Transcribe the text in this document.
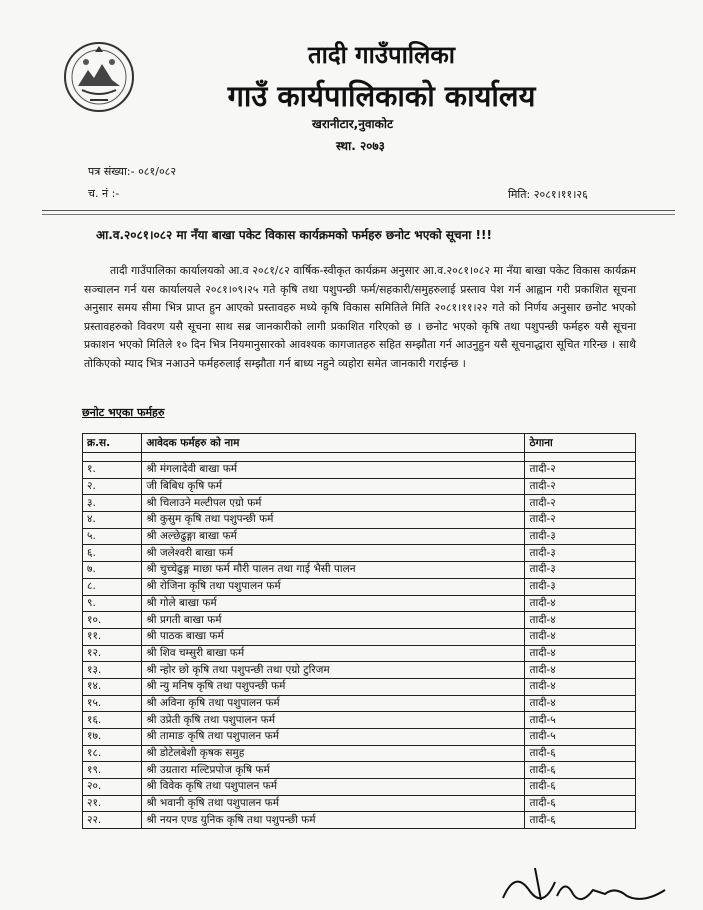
तादी गाउँपालिका
गाउँ कार्यपालिकाको कार्यालय
खरानीटार,नुवाकोट
स्था. २०७३
पत्र संख्या:- ०८१/०८२
च. नं :-	मिति: २०८१।११।२६
आ.व.२०८१।०८२ मा नँया बाखा पकेट विकास कार्यक्रमको फर्महरु छनोट भएको सूचना !!!
तादी गाउँपालिका कार्यालयको आ.व २०८१/८२ वार्षिक-स्वीकृत कार्यक्रम अनुसार आ.व.२०८१।०८२ मा नँया बाखा पकेट विकास कार्यक्रम सञ्चालन गर्न यस कार्यालयले २०८१।०९।२५ गते कृषि तथा पशुपन्छी फर्म/सहकारी/समुहरुलाई प्रस्ताव पेश गर्न आह्वान गरी प्रकाशित सूचना अनुसार समय सीमा भित्र प्राप्त हुन आएको प्रस्तावहरु मध्ये कृषि विकास समितिले मिति २०८१।११।२२ गते को निर्णय अनुसार छनोट भएको प्रस्तावहरुको विवरण यसै सूचना साथ सब्र जानकारीको लागी प्रकाशित गरिएको छ । छनोट भएको कृषि तथा पशुपन्छी फर्महरु यसै सूचना प्रकाशन भएको मितिले १० दिन भित्र नियमानुसारको आवश्यक कागजातहरु सहित सम्झौता गर्न आउनुहुन यसै सूचनाद्धारा सूचित गरिन्छ । साथै तोकिएको म्याद भित्र नआउने फर्महरुलाई सम्झौता गर्न बाध्य नहुने व्यहोरा समेत जानकारी गराईन्छ ।
छनोट भएका फर्महरु
क्र.स.	आवेदक फर्महरु को नाम	ठेगाना

१.	श्री मंगलादेवी बाखा फर्म	तादी-२
२.	जी बिबिध कृषि फर्म	तादी-२
३.	श्री चिलाउने मल्टीपल एग्रो फर्म	तादी-२
४.	श्री कुसुम कृषि तथा पशुपन्छी फर्म	तादी-२
५.	श्री अल्छेढुङ्गा बाखा फर्म	तादी-३
६.	श्री जलेश्वरी बाखा फर्म	तादी-३
७.	श्री चुच्चेढुङ्ग माछा फर्म मौरी पालन तथा गाई भैसी पालन	तादी-३
८.	श्री रोजिना कृषि तथा पशुपालन फर्म	तादी-३
९.	श्री गोले बाखा फर्म	तादी-४
१०.	श्री प्रगती बाखा फर्म	तादी-४
११.	श्री पाठक बाखा फर्म	तादी-४
१२.	श्री शिव चम्सुरी बाखा फर्म	तादी-४
१३.	श्री न्होर छो कृषि तथा पशुपन्छी तथा एग्रो टुरिजम	तादी-४
१४.	श्री न्यु मनिष कृषि तथा पशुपन्छी फर्म	तादी-४
१५.	श्री अविना कृषि तथा पशुपालन फर्म	तादी-४
१६.	श्री उप्रेती कृषि तथा पशुपालन फर्म	तादी-५
१७.	श्री तामाङ कृषि तथा पशुपालन फर्म	तादी-५
१८.	श्री डोटेलबेशी कृषक समुह	तादी-६
१९.	श्री उग्रतारा मल्टिप्रपोज कृषि फर्म	तादी-६
२०.	श्री विवेक कृषि तथा पशुपालन फर्म	तादी-६
२१.	श्री भवानी कृषि तथा पशुपालन फर्म	तादी-६
२२.	श्री नयन एण्ड युनिक कृषि तथा पशुपन्छी फर्म	तादी-६
